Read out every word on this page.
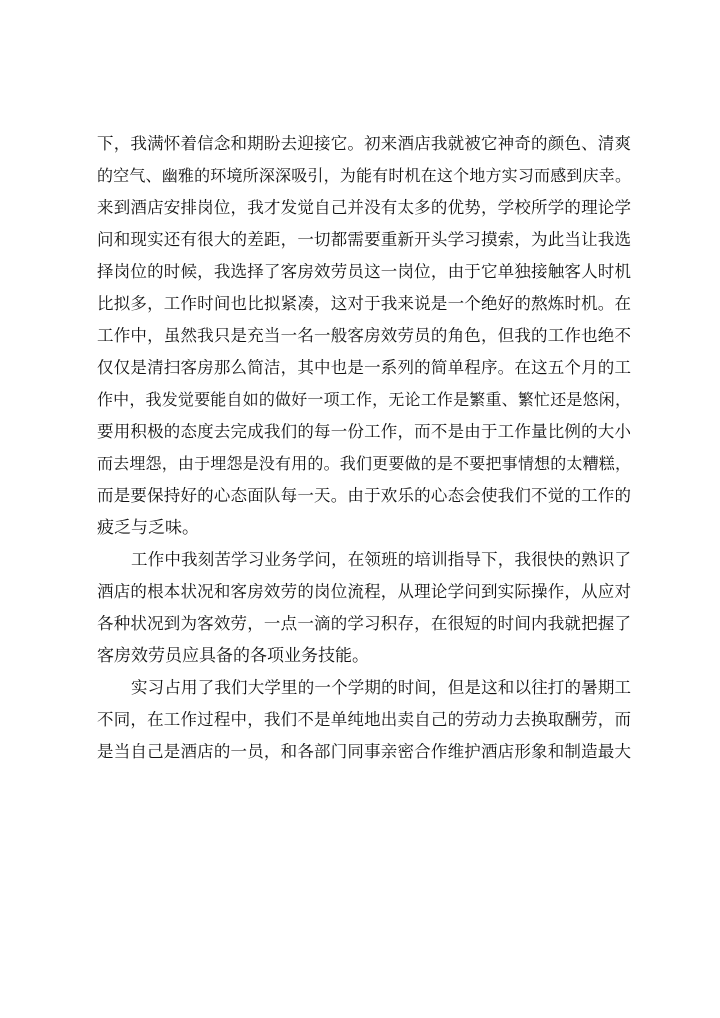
下，我满怀着信念和期盼去迎接它。初来酒店我就被它神奇的颜色、清爽
的空气、幽雅的环境所深深吸引，为能有时机在这个地方实习而感到庆幸。
来到酒店安排岗位，我才发觉自己并没有太多的优势，学校所学的理论学
问和现实还有很大的差距，一切都需要重新开头学习摸索，为此当让我选
择岗位的时候，我选择了客房效劳员这一岗位，由于它单独接触客人时机
比拟多，工作时间也比拟紧凑，这对于我来说是一个绝好的熬炼时机。在
工作中，虽然我只是充当一名一般客房效劳员的角色，但我的工作也绝不
仅仅是清扫客房那么简洁，其中也是一系列的简单程序。在这五个月的工
作中，我发觉要能自如的做好一项工作，无论工作是繁重、繁忙还是悠闲，
要用积极的态度去完成我们的每一份工作，而不是由于工作量比例的大小
而去埋怨，由于埋怨是没有用的。我们更要做的是不要把事情想的太糟糕，
而是要保持好的心态面队每一天。由于欢乐的心态会使我们不觉的工作的
疲乏与乏味。
工作中我刻苦学习业务学问，在领班的培训指导下，我很快的熟识了
酒店的根本状况和客房效劳的岗位流程，从理论学问到实际操作，从应对
各种状况到为客效劳，一点一滴的学习积存，在很短的时间内我就把握了
客房效劳员应具备的各项业务技能。
实习占用了我们大学里的一个学期的时间，但是这和以往打的暑期工
不同，在工作过程中，我们不是单纯地出卖自己的劳动力去换取酬劳，而
是当自己是酒店的一员，和各部门同事亲密合作维护酒店形象和制造最大
